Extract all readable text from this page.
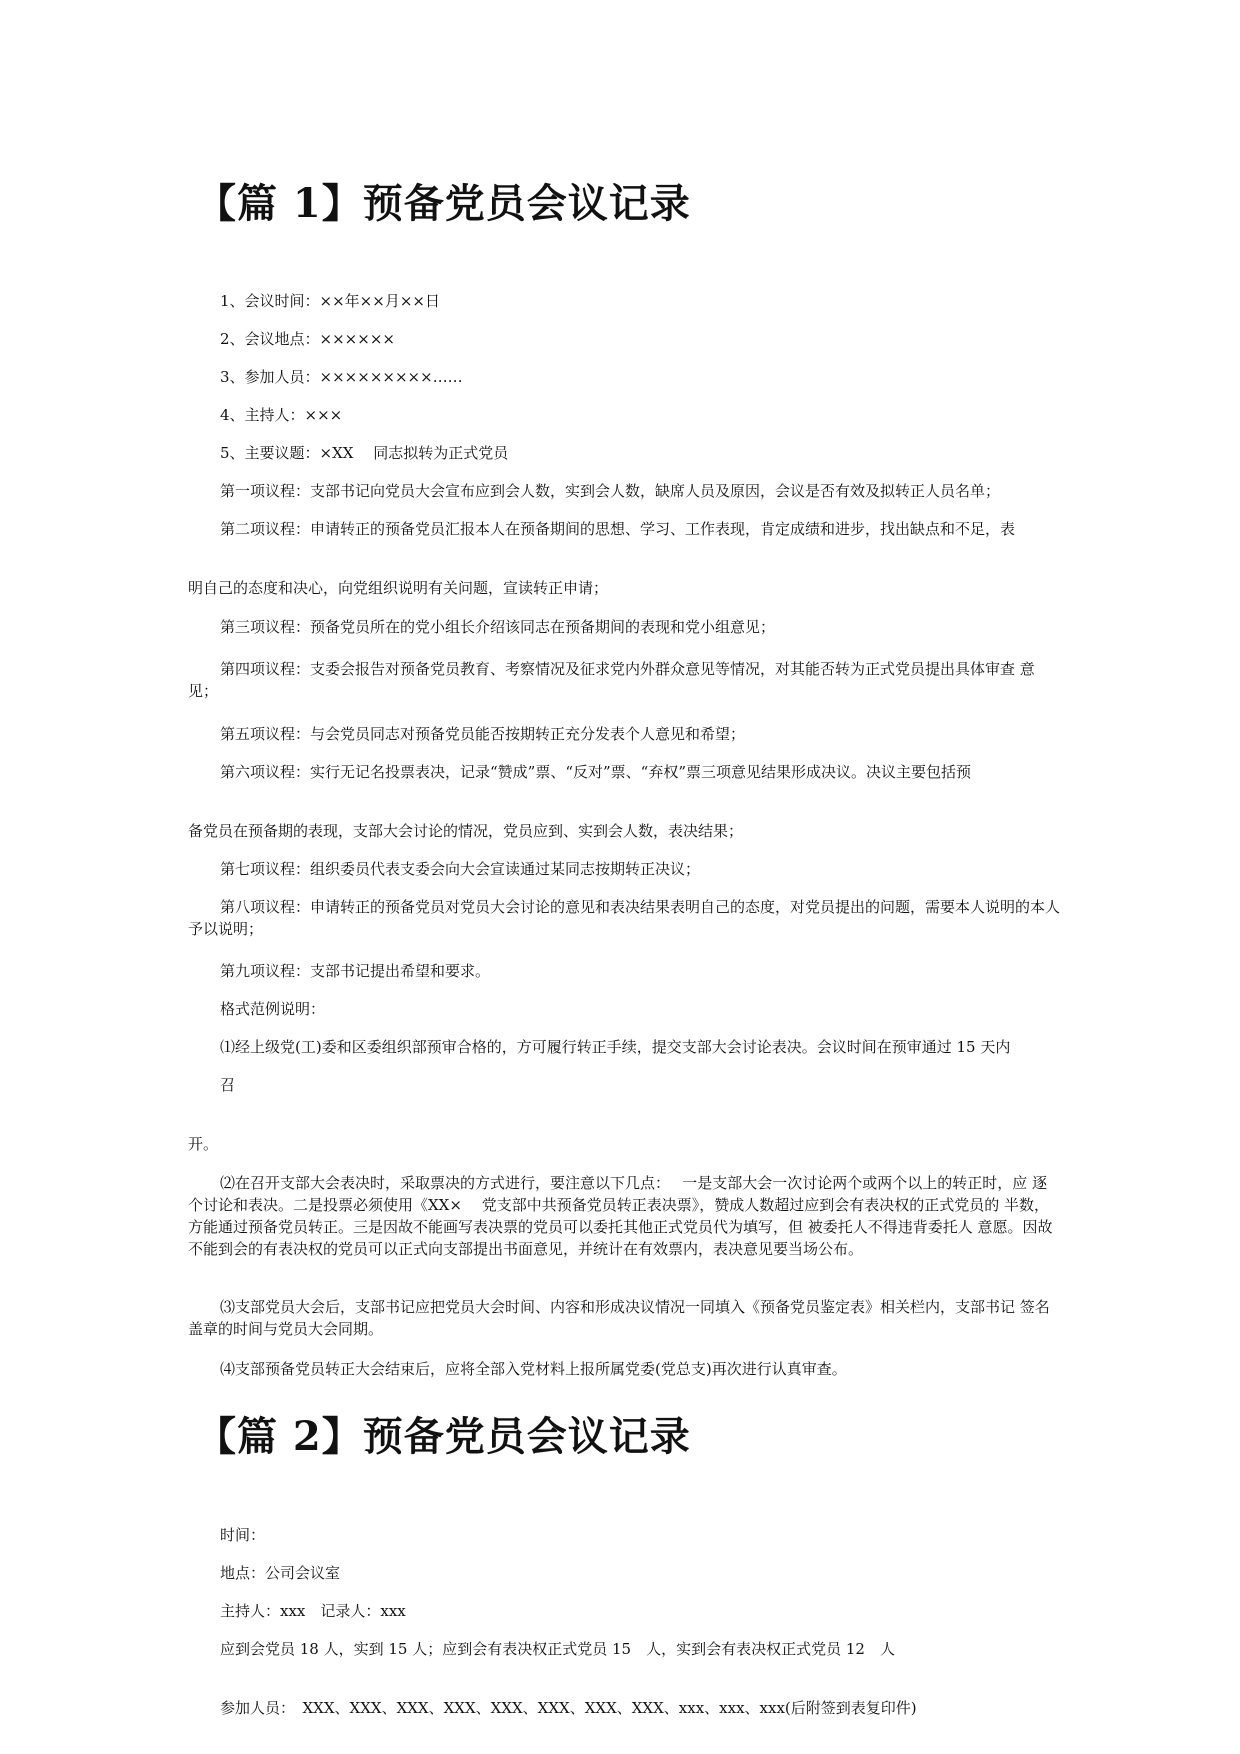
【篇 1】预备党员会议记录

1、会议时间：××年××月××日

2、会议地点：××××××

3、参加人员：×××××××××……

4、主持人：×××

5、主要议题：×XX　 同志拟转为正式党员

第一项议程：支部书记向党员大会宣布应到会人数，实到会人数，缺席人员及原因，会议是否有效及拟转正人员名单；

第二项议程：申请转正的预备党员汇报本人在预备期间的思想、学习、工作表现，肯定成绩和进步，找出缺点和不足，表

明自己的态度和决心，向党组织说明有关问题，宣读转正申请；

第三项议程：预备党员所在的党小组长介绍该同志在预备期间的表现和党小组意见；

第四项议程：支委会报告对预备党员教育、考察情况及征求党内外群众意见等情况，对其能否转为正式党员提出具体审查 意见；

第五项议程：与会党员同志对预备党员能否按期转正充分发表个人意见和希望；

第六项议程：实行无记名投票表决，记录“赞成”票、“反对”票、“弃权”票三项意见结果形成决议。决议主要包括预

备党员在预备期的表现，支部大会讨论的情况，党员应到、实到会人数，表决结果；

第七项议程：组织委员代表支委会向大会宣读通过某同志按期转正决议；

第八项议程：申请转正的预备党员对党员大会讨论的意见和表决结果表明自己的态度，对党员提出的问题，需要本人说明的本人予以说明；

第九项议程：支部书记提出希望和要求。

格式范例说明：

⑴经上级党(工)委和区委组织部预审合格的，方可履行转正手续，提交支部大会讨论表决。会议时间在预审通过 15 天内

召

开。

⑵在召开支部大会表决时，采取票决的方式进行，要注意以下几点：　 一是支部大会一次讨论两个或两个以上的转正时，应 逐个讨论和表决。二是投票必须使用《XX×　 党支部中共预备党员转正表决票》，赞成人数超过应到会有表决权的正式党员的 半数，方能通过预备党员转正。三是因故不能画写表决票的党员可以委托其他正式党员代为填写，但 被委托人不得违背委托人 意愿。因故不能到会的有表决权的党员可以正式向支部提出书面意见，并统计在有效票内，表决意见要当场公布。

⑶支部党员大会后，支部书记应把党员大会时间、内容和形成决议情况一同填入《预备党员鉴定表》相关栏内，支部书记 签名盖章的时间与党员大会同期。

⑷支部预备党员转正大会结束后，应将全部入党材料上报所属党委(党总支)再次进行认真审查。

【篇 2】预备党员会议记录

时间：

地点：公司会议室

主持人：xxx　记录人：xxx

应到会党员 18 人，实到 15 人；应到会有表决权正式党员 15　人，实到会有表决权正式党员 12　人

参加人员：　XXX、XXX、XXX、XXX、XXX、XXX、XXX、XXX、xxx、xxx、xxx(后附签到表复印件)
